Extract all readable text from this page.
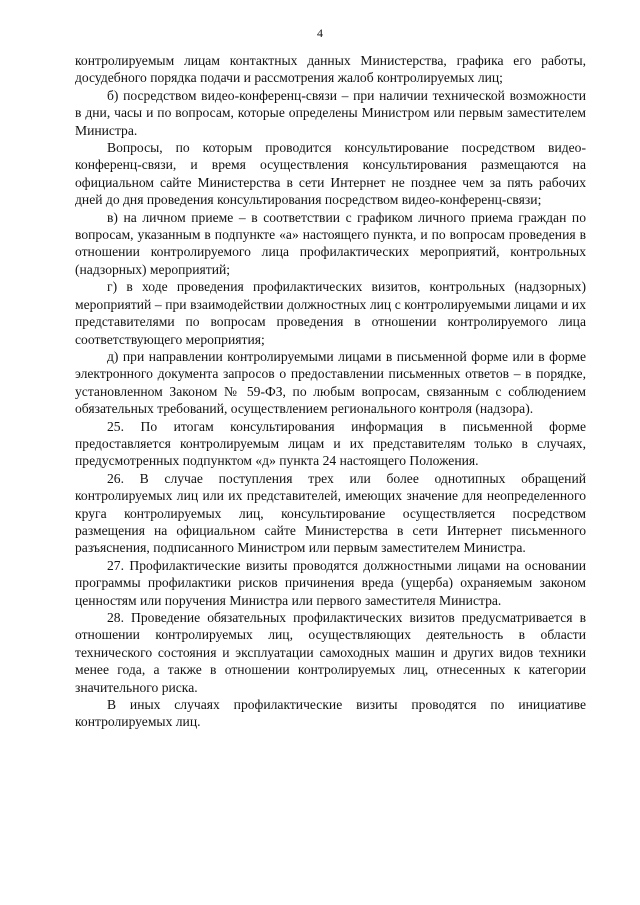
4

контролируемым лицам контактных данных Министерства, графика его работы, досудебного порядка подачи и рассмотрения жалоб контролируемых лиц;

б) посредством видео-конференц-связи – при наличии технической возможности в дни, часы и по вопросам, которые определены Министром или первым заместителем Министра.

Вопросы, по которым проводится консультирование посредством видео-конференц-связи, и время осуществления консультирования размещаются на официальном сайте Министерства в сети Интернет не позднее чем за пять рабочих дней до дня проведения консультирования посредством видео-конференц-связи;

в) на личном приеме – в соответствии с графиком личного приема граждан по вопросам, указанным в подпункте «а» настоящего пункта, и по вопросам проведения в отношении контролируемого лица профилактических мероприятий, контрольных (надзорных) мероприятий;

г) в ходе проведения профилактических визитов, контрольных (надзорных) мероприятий – при взаимодействии должностных лиц с контролируемыми лицами и их представителями по вопросам проведения в отношении контролируемого лица соответствующего мероприятия;

д) при направлении контролируемыми лицами в письменной форме или в форме электронного документа запросов о предоставлении письменных ответов – в порядке, установленном Законом № 59-ФЗ, по любым вопросам, связанным с соблюдением обязательных требований, осуществлением регионального контроля (надзора).

25. По итогам консультирования информация в письменной форме предоставляется контролируемым лицам и их представителям только в случаях, предусмотренных подпунктом «д» пункта 24 настоящего Положения.

26. В случае поступления трех или более однотипных обращений контролируемых лиц или их представителей, имеющих значение для неопределенного круга контролируемых лиц, консультирование осуществляется посредством размещения на официальном сайте Министерства в сети Интернет письменного разъяснения, подписанного Министром или первым заместителем Министра.

27. Профилактические визиты проводятся должностными лицами на основании программы профилактики рисков причинения вреда (ущерба) охраняемым законом ценностям или поручения Министра или первого заместителя Министра.

28. Проведение обязательных профилактических визитов предусматривается в отношении контролируемых лиц, осуществляющих деятельность в области технического состояния и эксплуатации самоходных машин и других видов техники менее года, а также в отношении контролируемых лиц, отнесенных к категории значительного риска.

В иных случаях профилактические визиты проводятся по инициативе контролируемых лиц.
